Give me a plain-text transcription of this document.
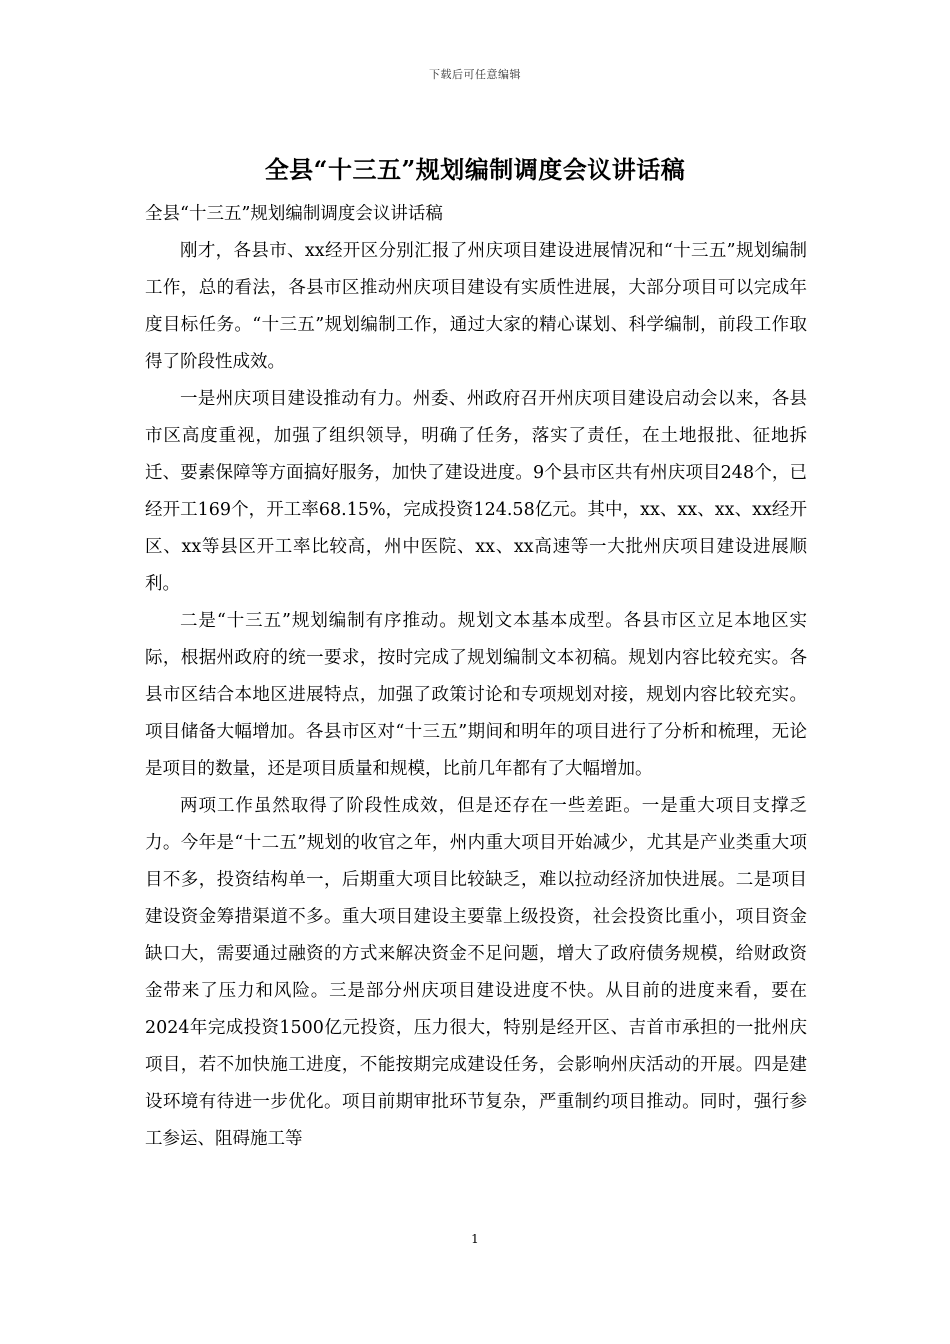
下载后可任意编辑
全县“十三五”规划编制调度会议讲话稿

全县“十三五”规划编制调度会议讲话稿

刚才，各县市、xx经开区分别汇报了州庆项目建设进展情况和“十三五”规划编制工作，总的看法，各县市区推动州庆项目建设有实质性进展，大部分项目可以完成年度目标任务。“十三五”规划编制工作，通过大家的精心谋划、科学编制，前段工作取得了阶段性成效。

一是州庆项目建设推动有力。州委、州政府召开州庆项目建设启动会以来，各县市区高度重视，加强了组织领导，明确了任务，落实了责任，在土地报批、征地拆迁、要素保障等方面搞好服务，加快了建设进度。9个县市区共有州庆项目248个，已经开工169个，开工率68.15%，完成投资124.58亿元。其中，xx、xx、xx、xx经开区、xx等县区开工率比较高，州中医院、xx、xx高速等一大批州庆项目建设进展顺利。

二是“十三五”规划编制有序推动。规划文本基本成型。各县市区立足本地区实际，根据州政府的统一要求，按时完成了规划编制文本初稿。规划内容比较充实。各县市区结合本地区进展特点，加强了政策讨论和专项规划对接，规划内容比较充实。项目储备大幅增加。各县市区对“十三五”期间和明年的项目进行了分析和梳理，无论是项目的数量，还是项目质量和规模，比前几年都有了大幅增加。

两项工作虽然取得了阶段性成效，但是还存在一些差距。一是重大项目支撑乏力。今年是“十二五”规划的收官之年，州内重大项目开始减少，尤其是产业类重大项目不多，投资结构单一，后期重大项目比较缺乏，难以拉动经济加快进展。二是项目建设资金筹措渠道不多。重大项目建设主要靠上级投资，社会投资比重小，项目资金缺口大，需要通过融资的方式来解决资金不足问题，增大了政府债务规模，给财政资金带来了压力和风险。三是部分州庆项目建设进度不快。从目前的进度来看，要在2024年完成投资1500亿元投资，压力很大，特别是经开区、吉首市承担的一批州庆项目，若不加快施工进度，不能按期完成建设任务，会影响州庆活动的开展。四是建设环境有待进一步优化。项目前期审批环节复杂，严重制约项目推动。同时，强行参工参运、阻碍施工等

1
